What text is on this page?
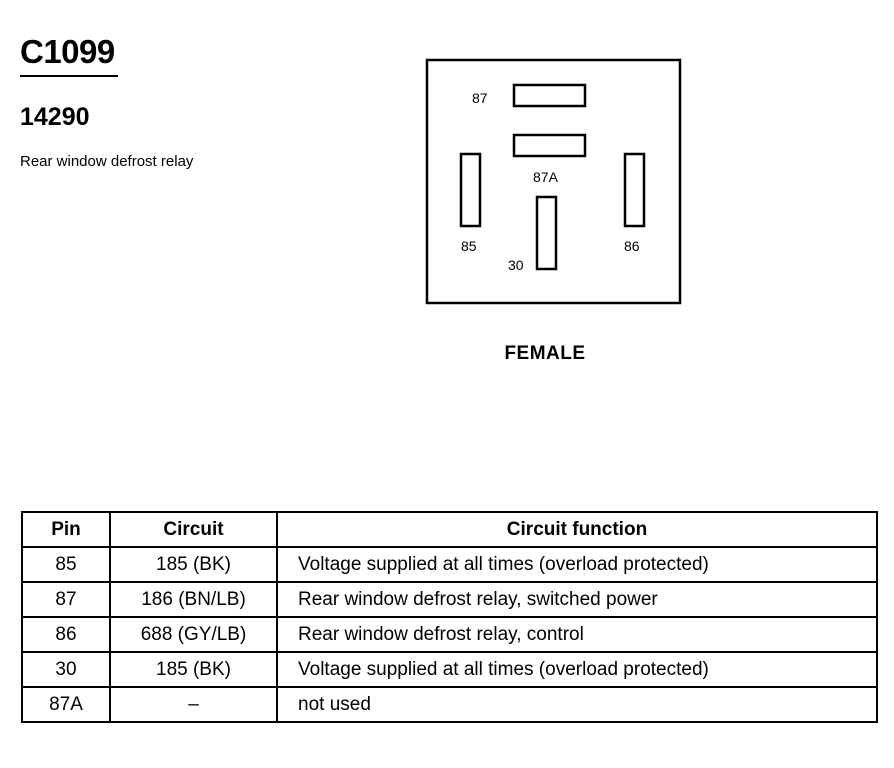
C1099
14290

Rear window defrost relay

87
87A
85	86
30
FEMALE
Pin	Circuit	Circuit function
85	185 (BK)	Voltage supplied at all times (overload protected)
87	186 (BN/LB)	Rear window defrost relay, switched power
86	688 (GY/LB)	Rear window defrost relay, control
30	185 (BK)	Voltage supplied at all times (overload protected)
87A	–	not used
